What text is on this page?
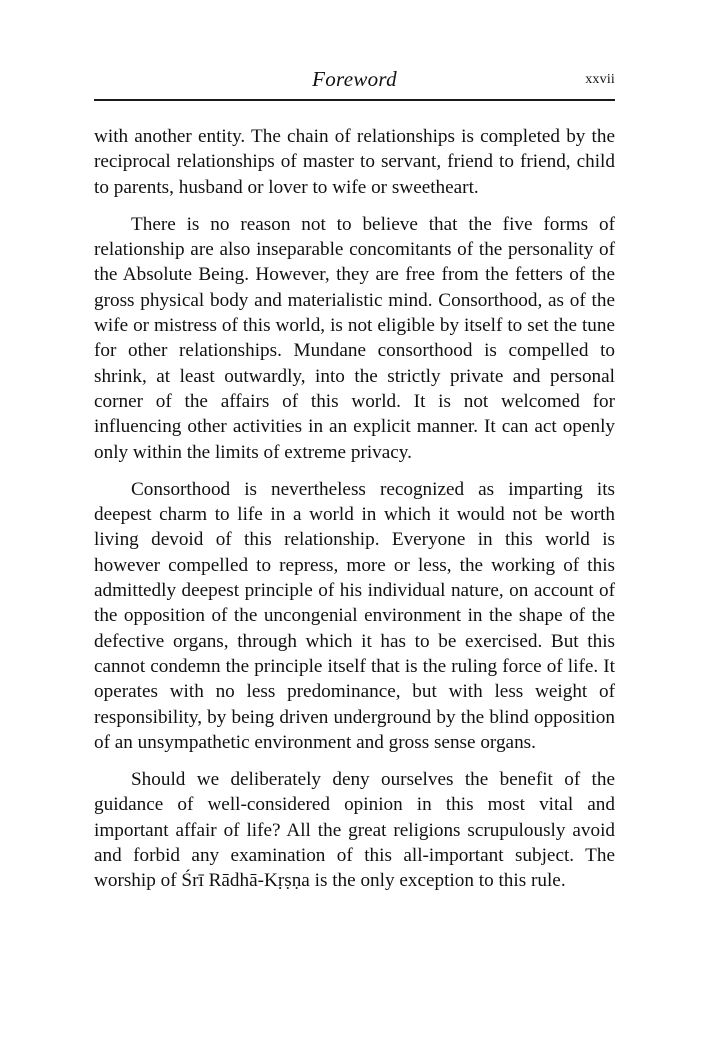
Foreword	xxvii

with another entity. The chain of relationships is completed by the reciprocal relationships of master to servant, friend to friend, child to parents, husband or lover to wife or sweetheart.

There is no reason not to believe that the five forms of relationship are also inseparable concomitants of the personality of the Absolute Being. However, they are free from the fetters of the gross physical body and materialistic mind. Consorthood, as of the wife or mistress of this world, is not eligible by itself to set the tune for other relationships. Mundane consorthood is compelled to shrink, at least outwardly, into the strictly private and personal corner of the affairs of this world. It is not welcomed for influencing other activities in an explicit manner. It can act openly only within the limits of extreme privacy.

Consorthood is nevertheless recognized as imparting its deepest charm to life in a world in which it would not be worth living devoid of this relationship. Everyone in this world is however compelled to repress, more or less, the working of this admittedly deepest principle of his individual nature, on account of the opposition of the uncongenial environment in the shape of the defective organs, through which it has to be exercised. But this cannot condemn the principle itself that is the ruling force of life. It operates with no less predominance, but with less weight of responsibility, by being driven underground by the blind opposition of an unsympathetic environment and gross sense organs.

Should we deliberately deny ourselves the benefit of the guidance of well-considered opinion in this most vital and important affair of life? All the great religions scrupulously avoid and forbid any examination of this all-important subject. The worship of Śrī Rādhā-Kṛṣṇa is the only exception to this rule.
